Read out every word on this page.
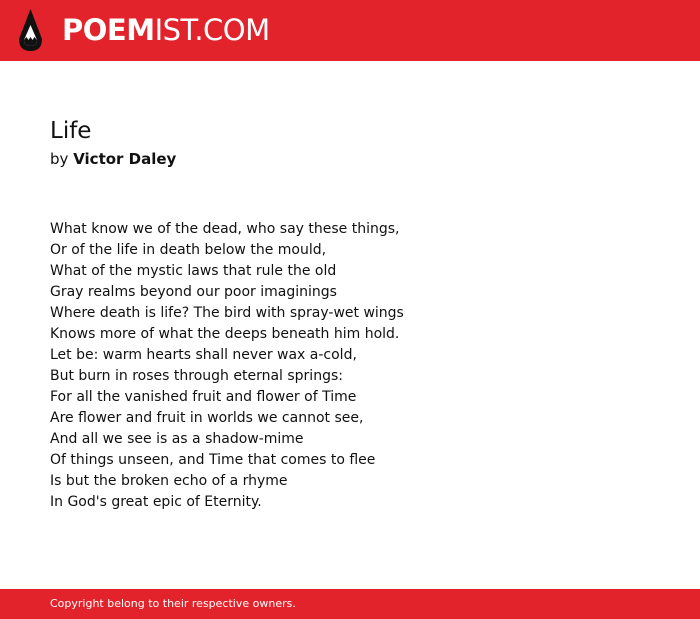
POEMIST.COM
Life
by Victor Daley
What know we of the dead, who say these things,
Or of the life in death below the mould,
What of the mystic laws that rule the old
Gray realms beyond our poor imaginings
Where death is life? The bird with spray-wet wings
Knows more of what the deeps beneath him hold.
Let be: warm hearts shall never wax a-cold,
But burn in roses through eternal springs:
For all the vanished fruit and flower of Time
Are flower and fruit in worlds we cannot see,
And all we see is as a shadow-mime
Of things unseen, and Time that comes to flee
Is but the broken echo of a rhyme
In God's great epic of Eternity.
Copyright belong to their respective owners.
